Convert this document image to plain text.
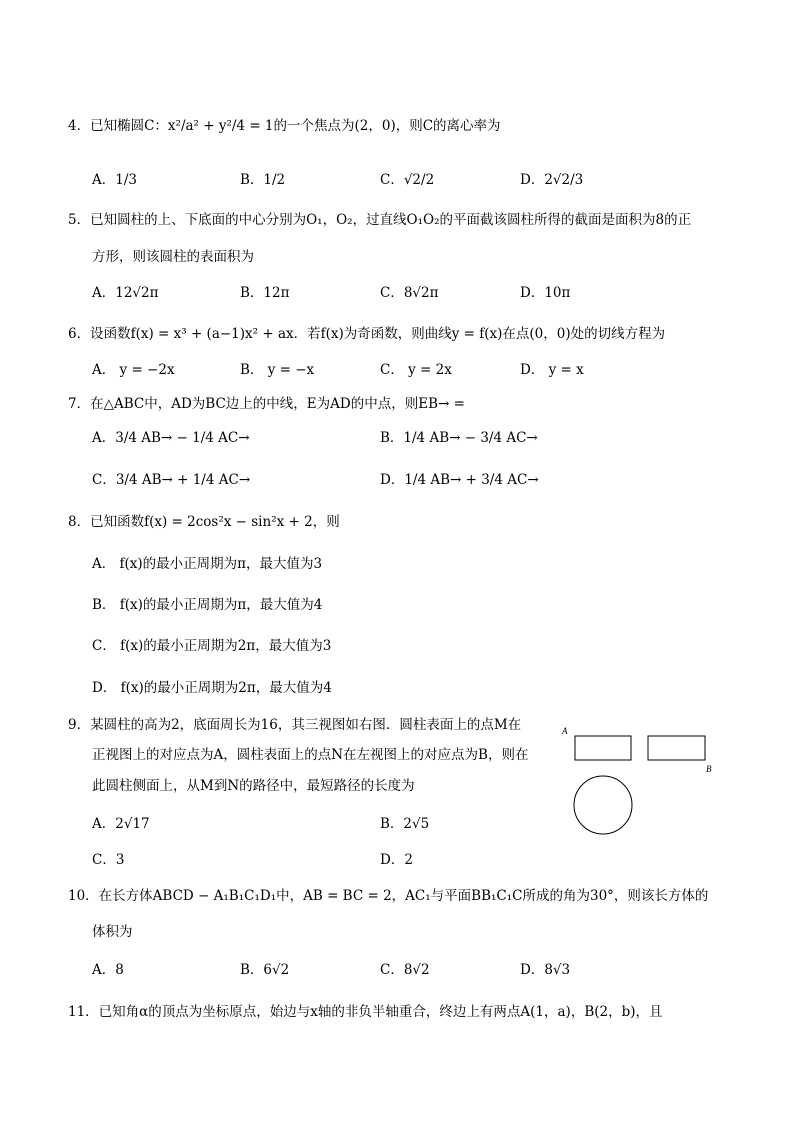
4．已知椭圆C：x²/a² + y²/4 = 1的一个焦点为(2，0)，则C的离心率为
A．1/3	B．1/2	C．√2/2	D．2√2/3
5．已知圆柱的上、下底面的中心分别为O₁，O₂，过直线O₁O₂的平面截该圆柱所得的截面是面积为8的正
方形，则该圆柱的表面积为
A．12√2π	B．12π	C．8√2π	D．10π
6．设函数f(x) = x³ + (a−1)x² + ax．若f(x)为奇函数，则曲线y = f(x)在点(0，0)处的切线方程为
A． y = −2x	B． y = −x	C． y = 2x	D． y = x
7．在△ABC中，AD为BC边上的中线，E为AD的中点，则EB→ =
A．3/4 AB→ − 1/4 AC→	B．1/4 AB→ − 3/4 AC→
C．3/4 AB→ + 1/4 AC→	D．1/4 AB→ + 3/4 AC→
8．已知函数f(x) = 2cos²x − sin²x + 2，则
A． f(x)的最小正周期为π，最大值为3
B． f(x)的最小正周期为π，最大值为4
C． f(x)的最小正周期为2π，最大值为3
D． f(x)的最小正周期为2π，最大值为4
9．某圆柱的高为2，底面周长为16，其三视图如右图．圆柱表面上的点M在
正视图上的对应点为A，圆柱表面上的点N在左视图上的对应点为B，则在
此圆柱侧面上，从M到N的路径中，最短路径的长度为
A．2√17	B．2√5
C．3	D．2
A
B
10．在长方体ABCD − A₁B₁C₁D₁中，AB = BC = 2，AC₁与平面BB₁C₁C所成的角为30°，则该长方体的
体积为
A．8	B．6√2	C．8√2	D．8√3
11．已知角α的顶点为坐标原点，始边与x轴的非负半轴重合，终边上有两点A(1，a)，B(2，b)，且
